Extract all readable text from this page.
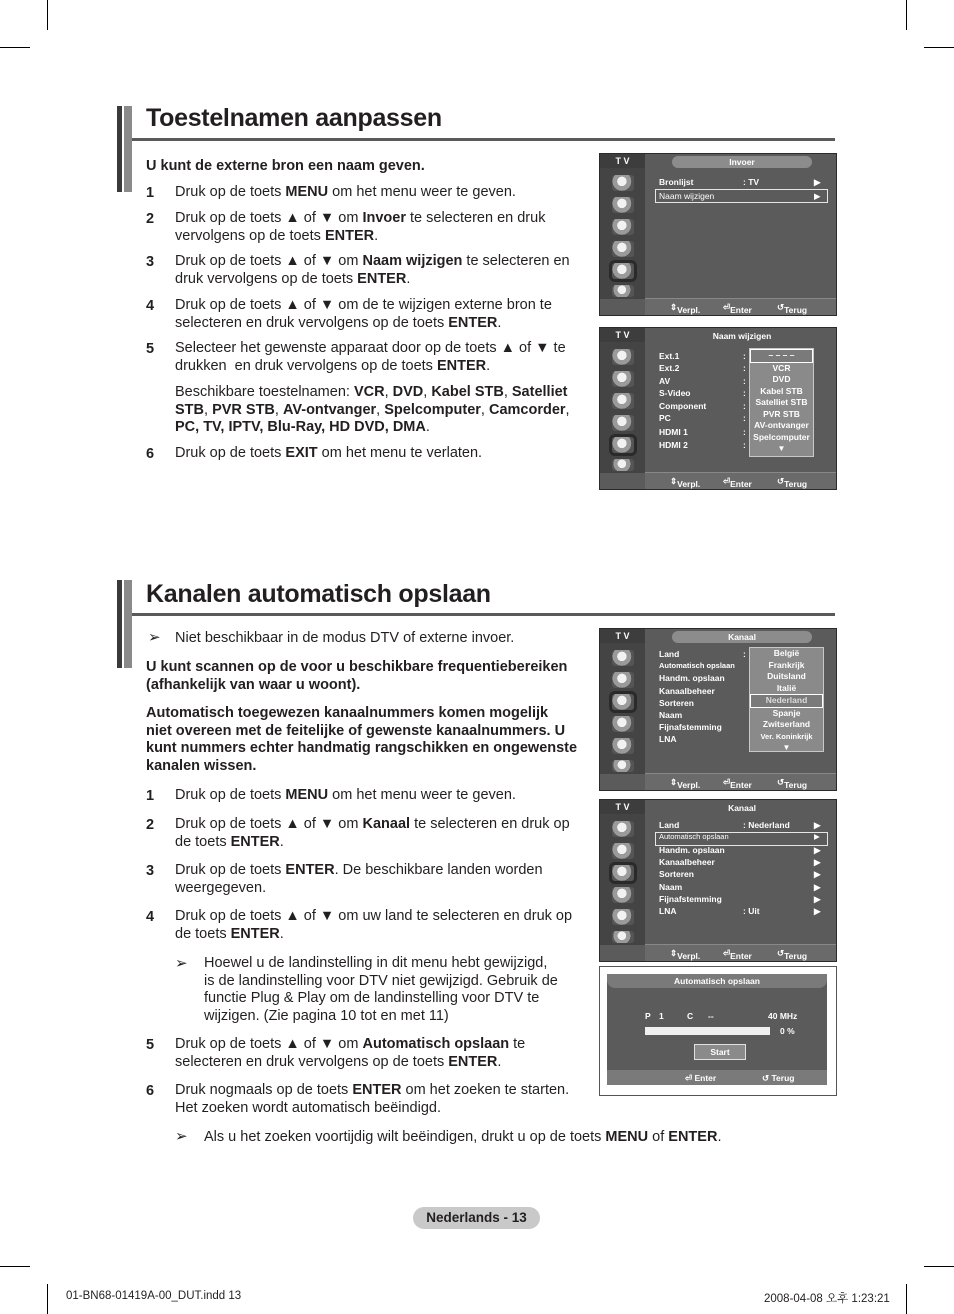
Toestelnamen aanpassen
U kunt de externe bron een naam geven.
1 Druk op de toets MENU om het menu weer te geven.
2 Druk op de toets ▲ of ▼ om Invoer te selecteren en druk
vervolgens op de toets ENTER.
3 Druk op de toets ▲ of ▼ om Naam wijzigen te selecteren en
druk vervolgens op de toets ENTER.
4 Druk op de toets ▲ of ▼ om de te wijzigen externe bron te
selecteren en druk vervolgens op de toets ENTER.
5 Selecteer het gewenste apparaat door op de toets ▲ of ▼ te
drukken  en druk vervolgens op de toets ENTER.
Beschikbare toestelnamen: VCR, DVD, Kabel STB, Satelliet
STB, PVR STB, AV-ontvanger, Spelcomputer, Camcorder,
PC, TV, IPTV, Blu-Ray, HD DVD, DMA.
6 Druk op de toets EXIT om het menu te verlaten.
T V	Invoer
Bronlijst	: TV	▶
Naam wijzigen	▶
⇕ Verpl.	⏎ Enter	↺ Terug
T V	Naam wijzigen
Ext.1	:
Ext.2	:
AV	:
S-Video	:
Component	:
PC	:
HDMI 1	:
HDMI 2	:
– – – –
VCR
DVD
Kabel STB
Satelliet STB
PVR STB
AV-ontvanger
Spelcomputer
▼
⇕ Verpl.	⏎ Enter	↺ Terug
Kanalen automatisch opslaan
➢ Niet beschikbaar in de modus DTV of externe invoer.
U kunt scannen op de voor u beschikbare frequentiebereiken
(afhankelijk van waar u woont).
Automatisch toegewezen kanaalnummers komen mogelijk
niet overeen met de feitelijke of gewenste kanaalnummers. U
kunt nummers echter handmatig rangschikken en ongewenste
kanalen wissen.
1 Druk op de toets MENU om het menu weer te geven.
2 Druk op de toets ▲ of ▼ om Kanaal te selecteren en druk op
de toets ENTER.
3 Druk op de toets ENTER. De beschikbare landen worden
weergegeven.
4 Druk op de toets ▲ of ▼ om uw land te selecteren en druk op
de toets ENTER.
5 Druk op de toets ▲ of ▼ om Automatisch opslaan te
selecteren en druk vervolgens op de toets ENTER.
6 Druk nogmaals op de toets ENTER om het zoeken te starten.
Het zoeken wordt automatisch beëindigd.
➢ Hoewel u de landinstelling in dit menu hebt gewijzigd,
is de landinstelling voor DTV niet gewijzigd. Gebruik de
functie Plug & Play om de landinstelling voor DTV te
wijzigen. (Zie pagina 10 tot en met 11)
➢ Als u het zoeken voortijdig wilt beëindigen, drukt u op de toets MENU of ENTER.
T V	Kanaal
Land	:
Automatisch opslaan
Handm. opslaan
Kanaalbeheer
Sorteren
Naam
Fijnafstemming
LNA
België
Frankrijk
Duitsland
Italië
Nederland
Spanje
Zwitserland
Ver. Koninkrijk
▼
⇕ Verpl.	⏎ Enter	↺ Terug
T V	Kanaal
Land	: Nederland	▶
Automatisch opslaan	▶
Handm. opslaan	▶
Kanaalbeheer	▶
Sorteren	▶
Naam	▶
Fijnafstemming	▶
LNA	: Uit	▶
⇕ Verpl.	⏎ Enter	↺ Terug
Automatisch opslaan
P 1	C --	40 MHz
0 %
Start
⏎ Enter	↺ Terug
Nederlands - 13
01-BN68-01419A-00_DUT.indd 13	2008-04-08 오후 1:23:21
